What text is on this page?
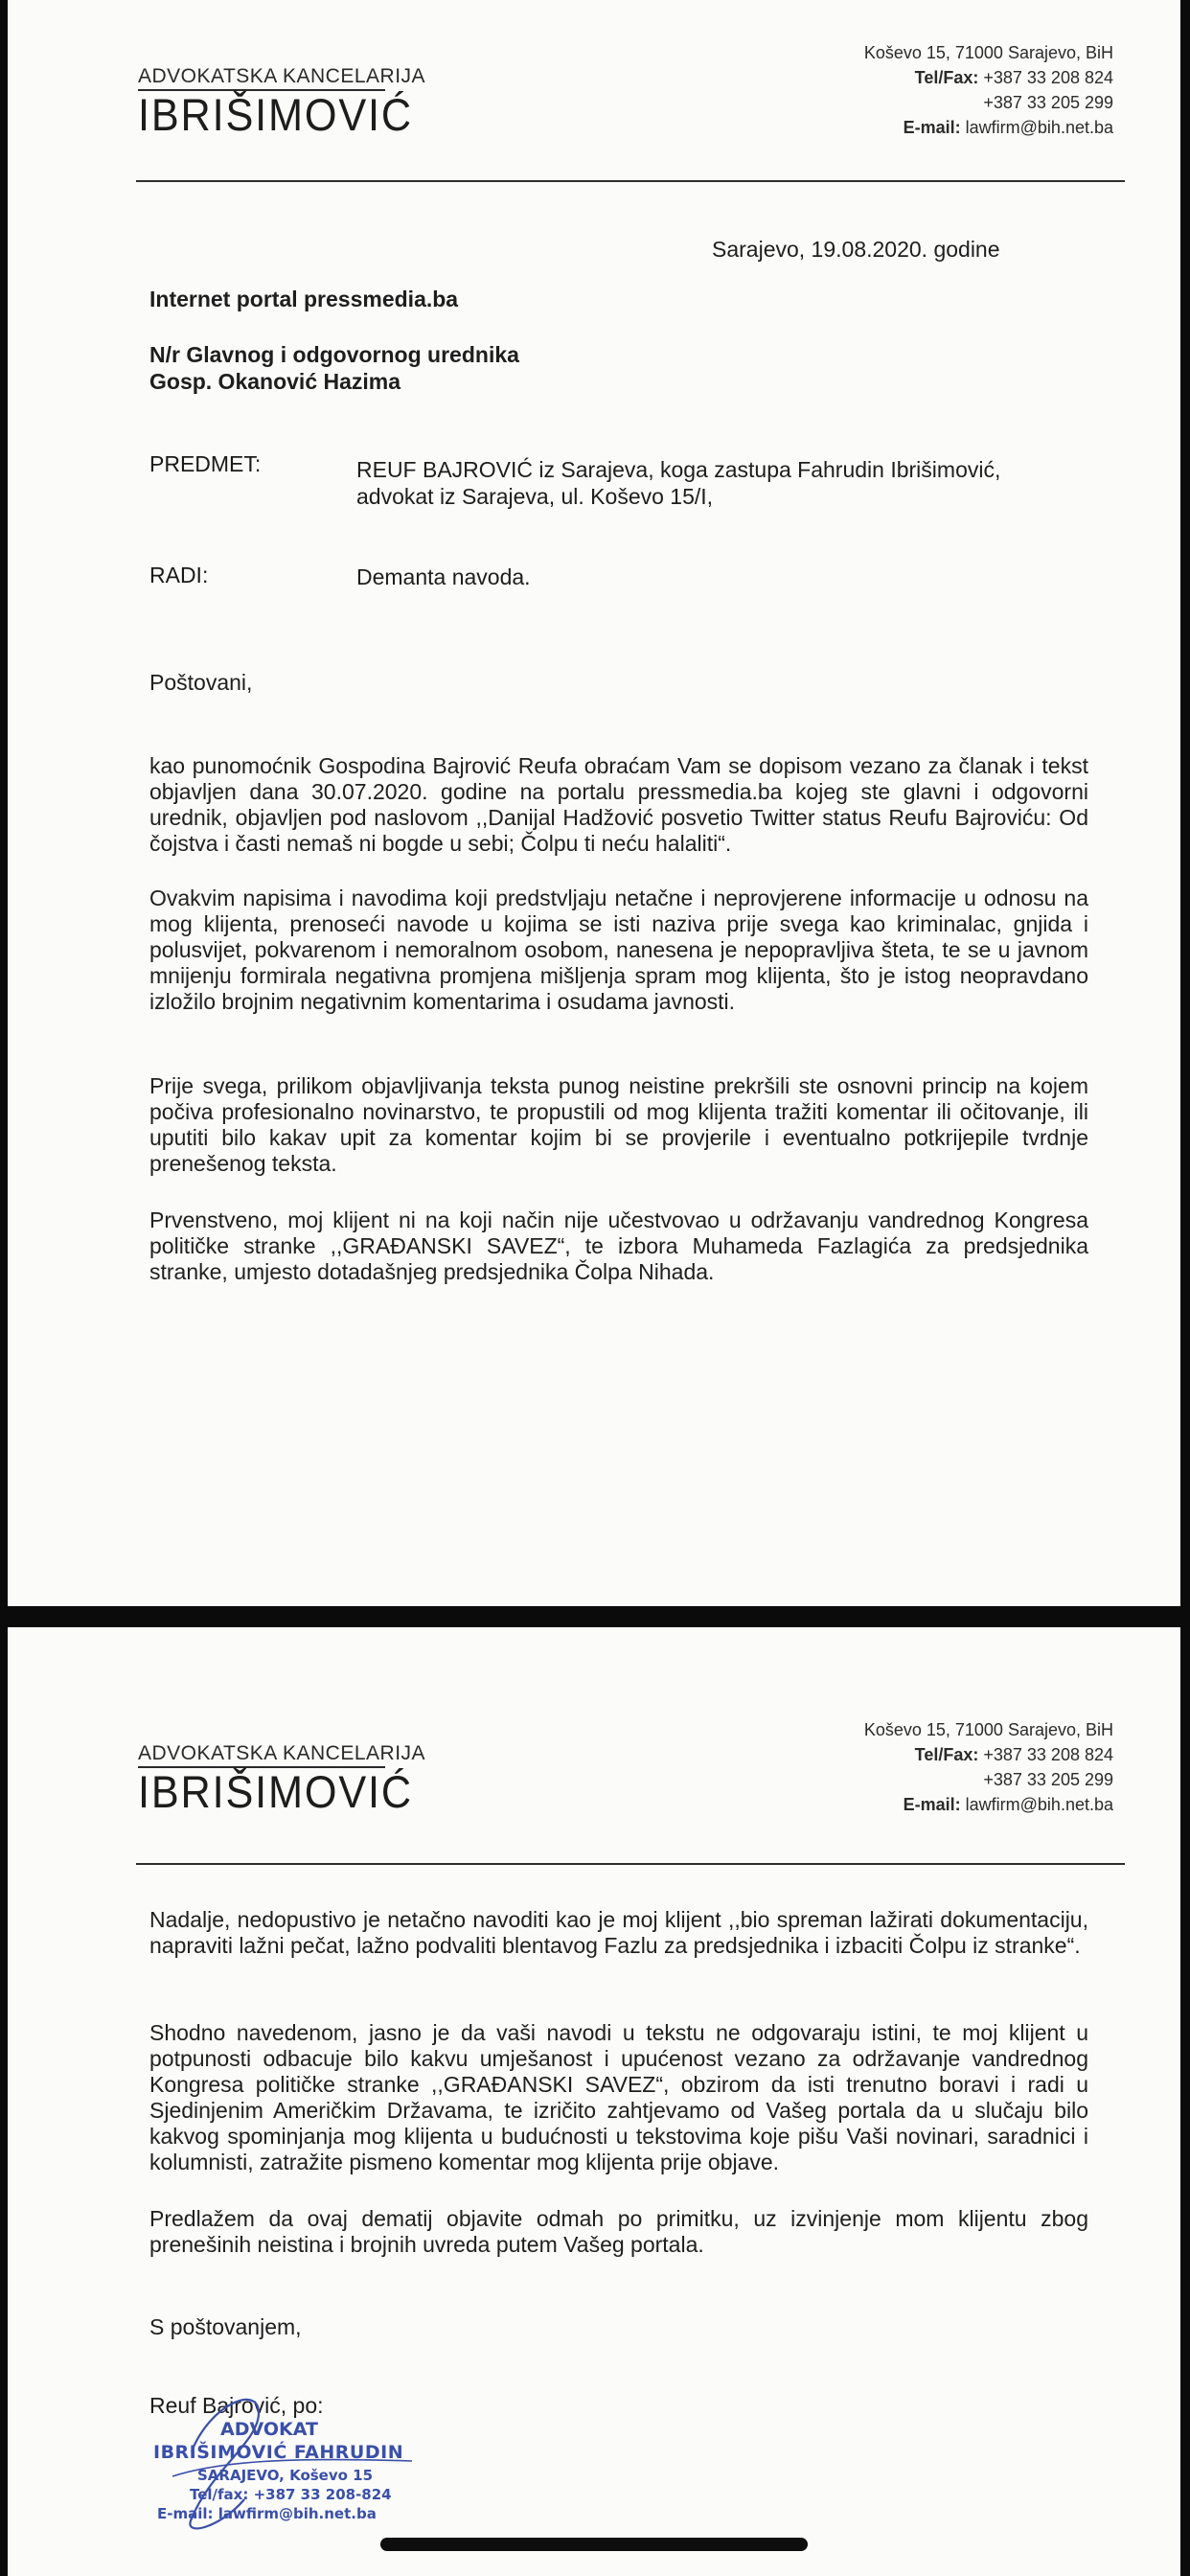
ADVOKATSKA KANCELARIJA
IBRIŠIMOVIĆ
Koševo 15, 71000 Sarajevo, BiH
Tel/Fax: +387 33 208 824
+387 33 205 299
E-mail: lawfirm@bih.net.ba
Sarajevo, 19.08.2020. godine
Internet portal pressmedia.ba
N/r Glavnog i odgovornog urednika
Gosp. Okanović Hazima
PREDMET:	REUF BAJROVIĆ iz Sarajeva, koga zastupa Fahrudin Ibrišimović,
advokat iz Sarajeva, ul. Koševo 15/I,
RADI:	Demanta navoda.
Poštovani,
kao punomoćnik Gospodina Bajrović Reufa obraćam Vam se dopisom vezano za članak i tekst objavljen dana 30.07.2020. godine na portalu pressmedia.ba kojeg ste glavni i odgovorni urednik, objavljen pod naslovom ,,Danijal Hadžović posvetio Twitter status Reufu Bajroviću: Od čojstva i časti nemaš ni bogde u sebi; Čolpu ti neću halaliti“.
Ovakvim napisima i navodima koji predstvljaju netačne i neprovjerene informacije u odnosu na mog klijenta, prenoseći navode u kojima se isti naziva prije svega kao kriminalac, gnjida i polusvijet, pokvarenom i nemoralnom osobom, nanesena je nepopravljiva šteta, te se u javnom mnijenju formirala negativna promjena mišljenja spram mog klijenta, što je istog neopravdano izložilo brojnim negativnim komentarima i osudama javnosti.
Prije svega, prilikom objavljivanja teksta punog neistine prekršili ste osnovni princip na kojem počiva profesionalno novinarstvo, te propustili od mog klijenta tražiti komentar ili očitovanje, ili uputiti bilo kakav upit za komentar kojim bi se provjerile i eventualno potkrijepile tvrdnje prenešenog teksta.
Prvenstveno, moj klijent ni na koji način nije učestvovao u održavanju vandrednog Kongresa političke stranke ,,GRAĐANSKI SAVEZ“, te izbora Muhameda Fazlagića za predsjednika stranke, umjesto dotadašnjeg predsjednika Čolpa Nihada.
ADVOKATSKA KANCELARIJA
IBRIŠIMOVIĆ
Koševo 15, 71000 Sarajevo, BiH
Tel/Fax: +387 33 208 824
+387 33 205 299
E-mail: lawfirm@bih.net.ba
Nadalje, nedopustivo je netačno navoditi kao je moj klijent ,,bio spreman lažirati dokumentaciju, napraviti lažni pečat, lažno podvaliti blentavog Fazlu za predsjednika i izbaciti Čolpu iz stranke“.
Shodno navedenom, jasno je da vaši navodi u tekstu ne odgovaraju istini, te moj klijent u potpunosti odbacuje bilo kakvu umješanost i upućenost vezano za održavanje vandrednog Kongresa političke stranke ,,GRAĐANSKI SAVEZ“, obzirom da isti trenutno boravi i radi u Sjedinjenim Američkim Državama, te izričito zahtjevamo od Vašeg portala da u slučaju bilo kakvog spominjanja mog klijenta u budućnosti u tekstovima koje pišu Vaši novinari, saradnici i kolumnisti, zatražite pismeno komentar mog klijenta prije objave.
Predlažem da ovaj dematij objavite odmah po primitku, uz izvinjenje mom klijentu zbog prenešinih neistina i brojnih uvreda putem Vašeg portala.
S poštovanjem,
Reuf Bajrović, po:
ADVOKAT
IBRIŠIMOVIĆ FAHRUDIN
SARAJEVO, Koševo 15
Tel/fax: +387 33 208-824
E-mail: lawfirm@bih.net.ba
